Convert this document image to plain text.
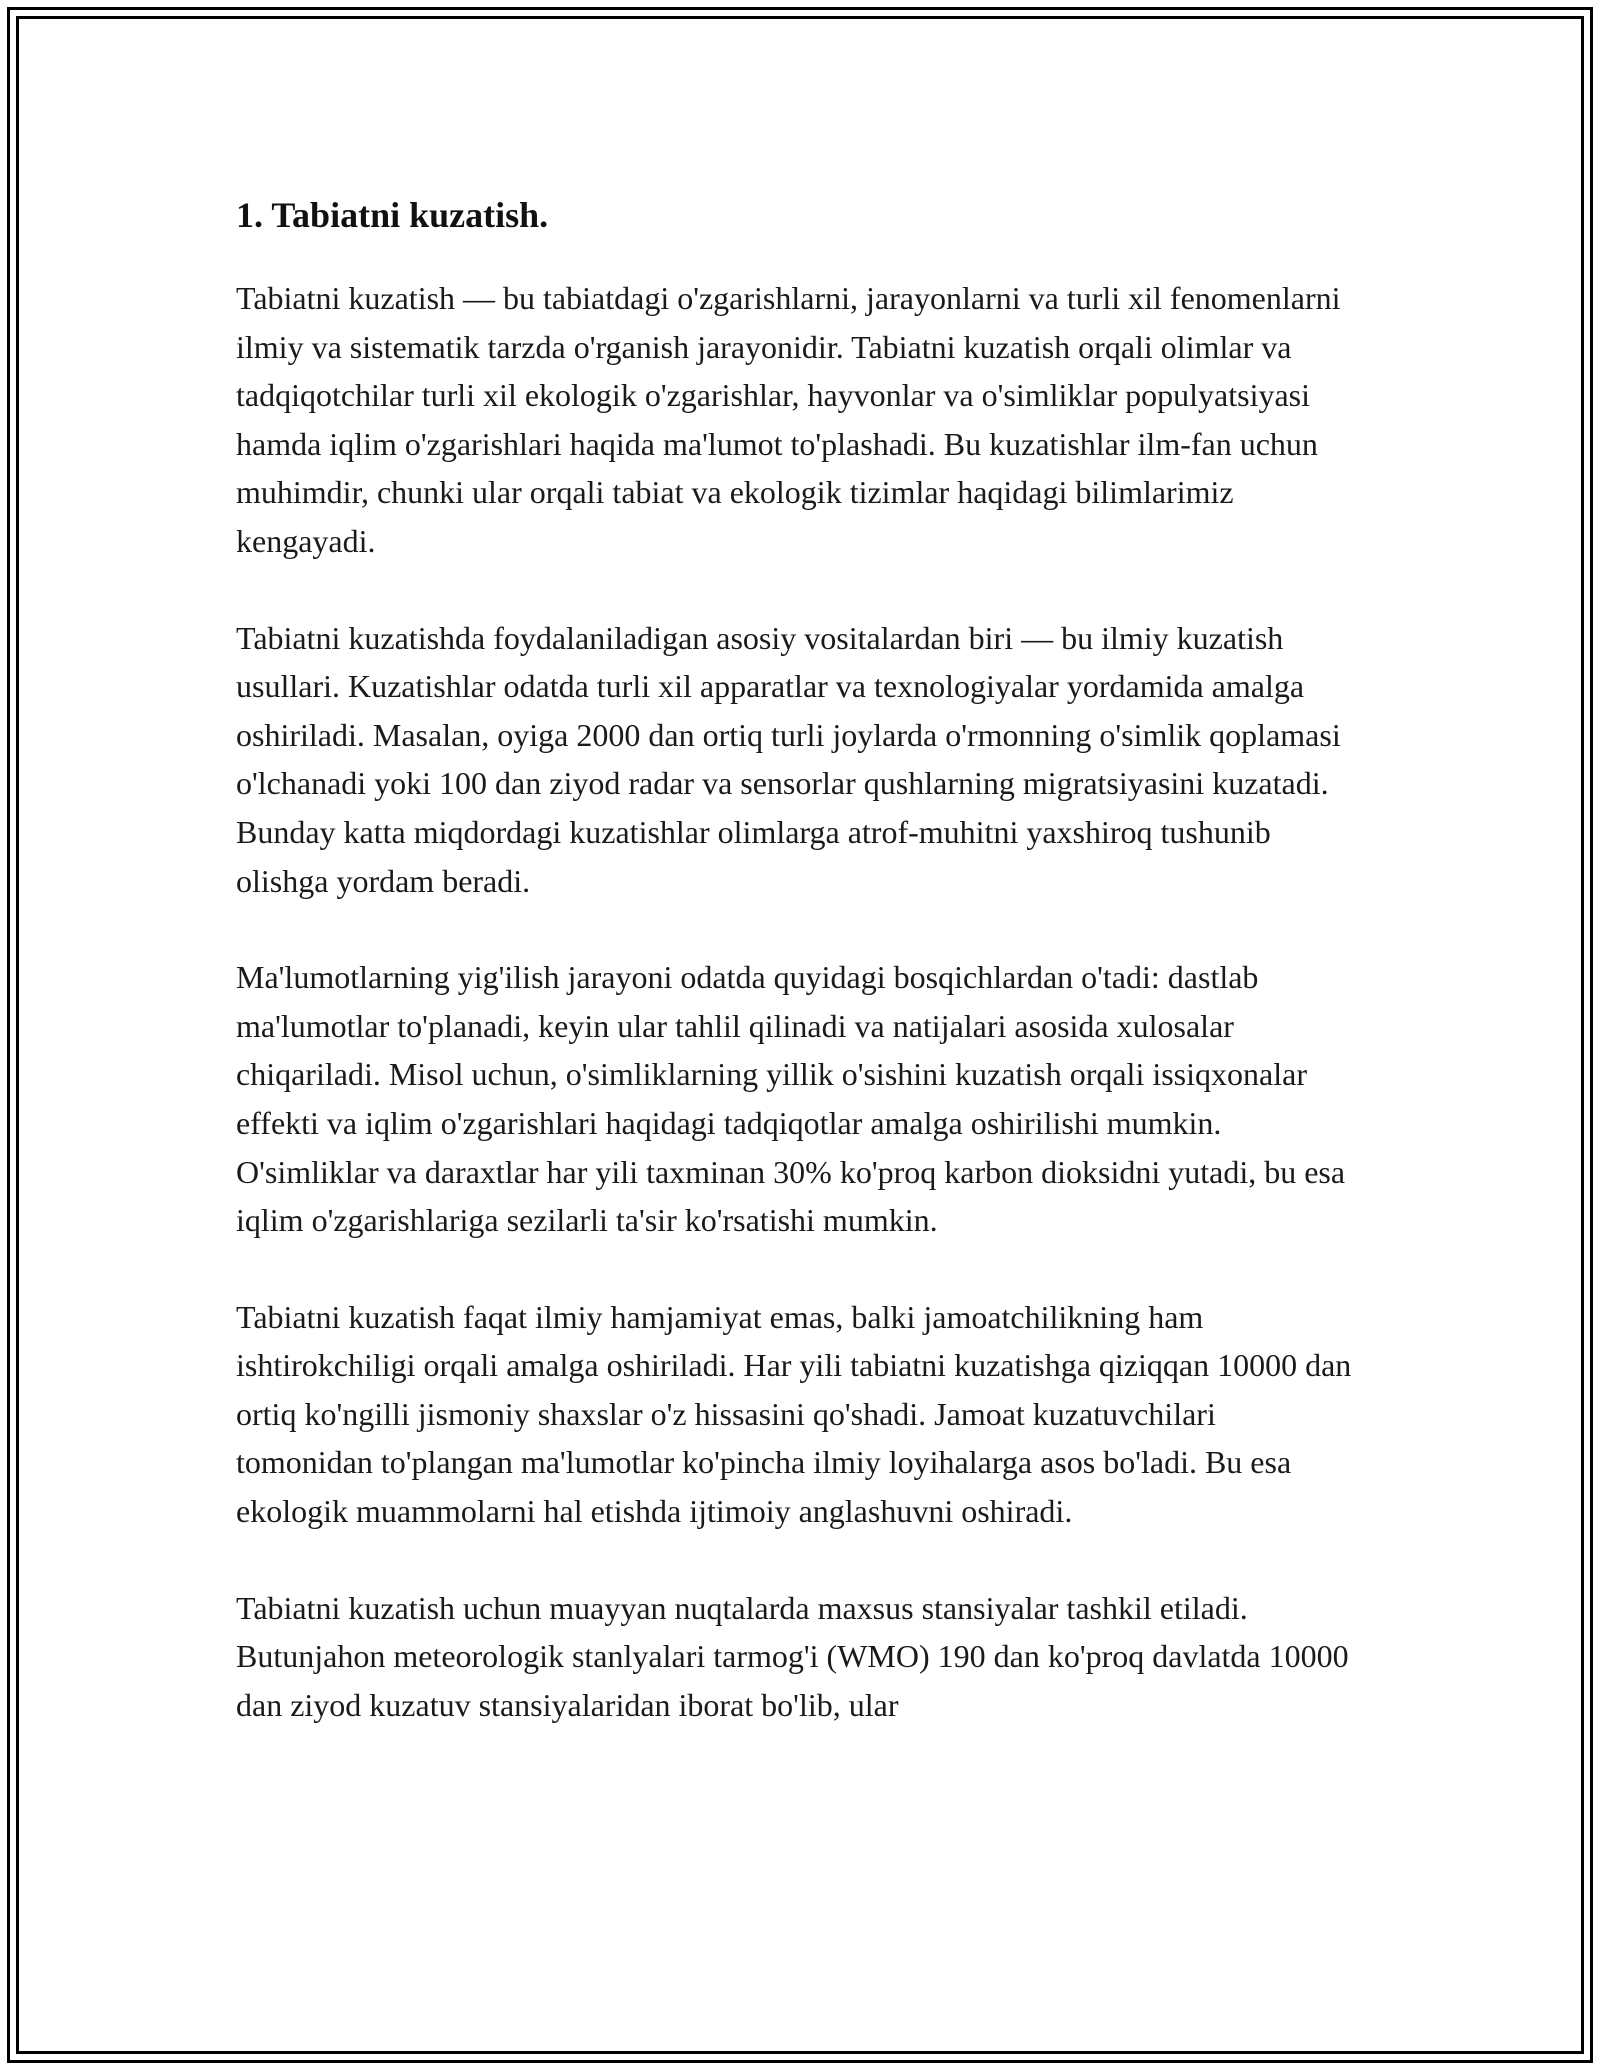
1. Tabiatni kuzatish.

Tabiatni kuzatish — bu tabiatdagi o'zgarishlarni, jarayonlarni va turli xil fenomenlarni ilmiy va sistematik tarzda o'rganish jarayonidir. Tabiatni kuzatish orqali olimlar va tadqiqotchilar turli xil ekologik o'zgarishlar, hayvonlar va o'simliklar populyatsiyasi hamda iqlim o'zgarishlari haqida ma'lumot to'plashadi. Bu kuzatishlar ilm-fan uchun muhimdir, chunki ular orqali tabiat va ekologik tizimlar haqidagi bilimlarimiz kengayadi.

Tabiatni kuzatishda foydalaniladigan asosiy vositalardan biri — bu ilmiy kuzatish usullari. Kuzatishlar odatda turli xil apparatlar va texnologiyalar yordamida amalga oshiriladi. Masalan, oyiga 2000 dan ortiq turli joylarda o'rmonning o'simlik qoplamasi o'lchanadi yoki 100 dan ziyod radar va sensorlar qushlarning migratsiyasini kuzatadi. Bunday katta miqdordagi kuzatishlar olimlarga atrof-muhitni yaxshiroq tushunib olishga yordam beradi.

Ma'lumotlarning yig'ilish jarayoni odatda quyidagi bosqichlardan o'tadi: dastlab ma'lumotlar to'planadi, keyin ular tahlil qilinadi va natijalari asosida xulosalar chiqariladi. Misol uchun, o'simliklarning yillik o'sishini kuzatish orqali issiqxonalar effekti va iqlim o'zgarishlari haqidagi tadqiqotlar amalga oshirilishi mumkin. O'simliklar va daraxtlar har yili taxminan 30% ko'proq karbon dioksidni yutadi, bu esa iqlim o'zgarishlariga sezilarli ta'sir ko'rsatishi mumkin.

Tabiatni kuzatish faqat ilmiy hamjamiyat emas, balki jamoatchilikning ham ishtirokchiligi orqali amalga oshiriladi. Har yili tabiatni kuzatishga qiziqqan 10000 dan ortiq ko'ngilli jismoniy shaxslar o'z hissasini qo'shadi. Jamoat kuzatuvchilari tomonidan to'plangan ma'lumotlar ko'pincha ilmiy loyihalarga asos bo'ladi. Bu esa ekologik muammolarni hal etishda ijtimoiy anglashuvni oshiradi.

Tabiatni kuzatish uchun muayyan nuqtalarda maxsus stansiyalar tashkil etiladi. Butunjahon meteorologik stanlyalari tarmog'i (WMO) 190 dan ko'proq davlatda 10000 dan ziyod kuzatuv stansiyalaridan iborat bo'lib, ular
